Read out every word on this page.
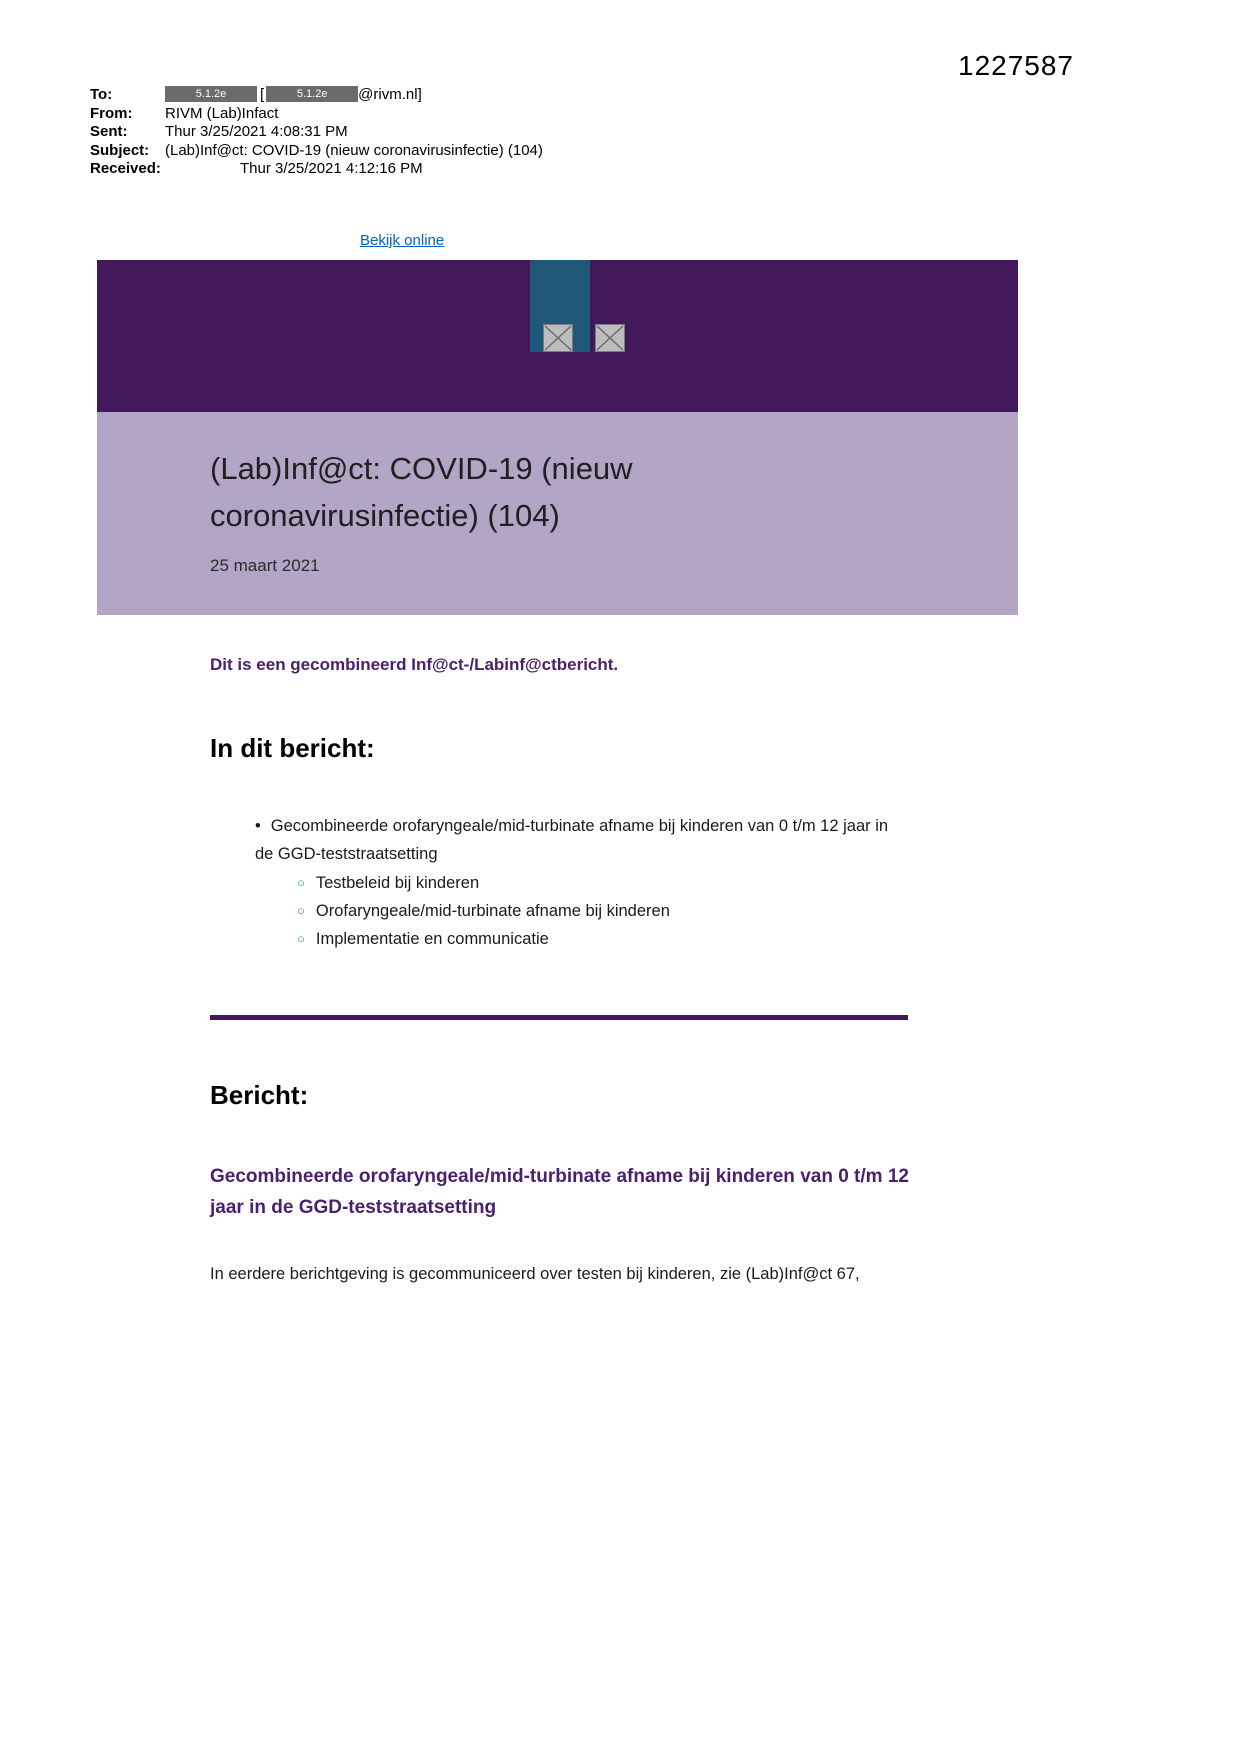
1227587
To:	5.1.2e [	5.1.2e @rivm.nl]
From:	RIVM (Lab)Infact
Sent:	Thur 3/25/2021 4:08:31 PM
Subject:	(Lab)Inf@ct: COVID-19 (nieuw coronavirusinfectie) (104)
Received:	Thur 3/25/2021 4:12:16 PM
Bekijk online
(Lab)Inf@ct: COVID-19 (nieuw coronavirusinfectie) (104)
25 maart 2021
Dit is een gecombineerd Inf@ct-/Labinf@ctbericht.
In dit bericht:
• Gecombineerde orofaryngeale/mid-turbinate afname bij kinderen van 0 t/m 12 jaar in de GGD-teststraatsetting
○ Testbeleid bij kinderen
○ Orofaryngeale/mid-turbinate afname bij kinderen
○ Implementatie en communicatie
Bericht:
Gecombineerde orofaryngeale/mid-turbinate afname bij kinderen van 0 t/m 12 jaar in de GGD-teststraatsetting
In eerdere berichtgeving is gecommuniceerd over testen bij kinderen, zie (Lab)Inf@ct 67,
